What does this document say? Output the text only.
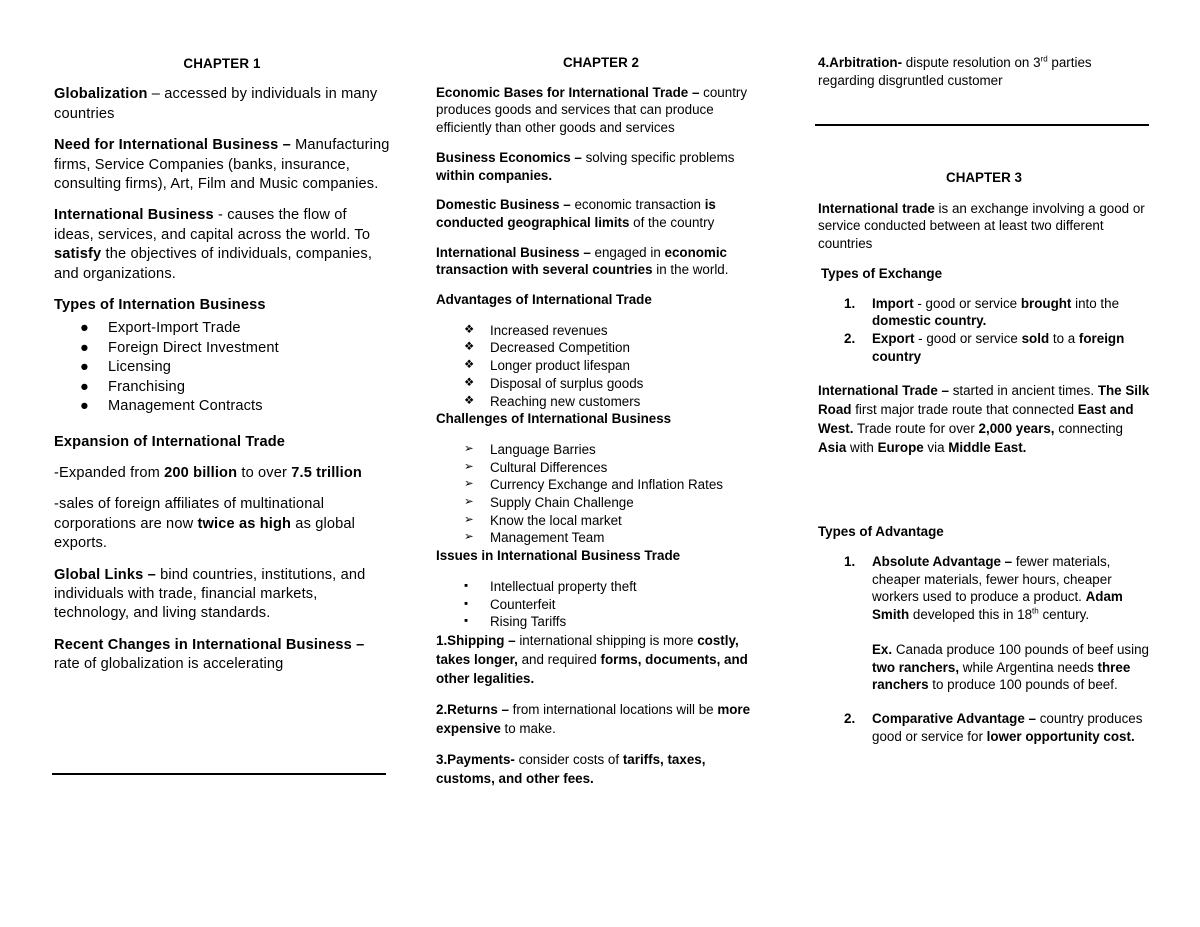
CHAPTER 1

Globalization – accessed by individuals in many countries

Need for International Business – Manufacturing firms, Service Companies (banks, insurance, consulting firms), Art, Film and Music companies.

International Business - causes the flow of ideas, services, and capital across the world. To satisfy the objectives of individuals, companies, and organizations.

Types of Internation Business

● Export-Import Trade
● Foreign Direct Investment
● Licensing
● Franchising
● Management Contracts

Expansion of International Trade

-Expanded from 200 billion to over 7.5 trillion

-sales of foreign affiliates of multinational corporations are now twice as high as global exports.

Global Links – bind countries, institutions, and individuals with trade, financial markets, technology, and living standards.

Recent Changes in International Business – rate of globalization is accelerating

CHAPTER 2

Economic Bases for International Trade – country produces goods and services that can produce efficiently than other goods and services

Business Economics – solving specific problems within companies.

Domestic Business – economic transaction is conducted geographical limits of the country

International Business – engaged in economic transaction with several countries in the world.

Advantages of International Trade

❖ Increased revenues
❖ Decreased Competition
❖ Longer product lifespan
❖ Disposal of surplus goods
❖ Reaching new customers

Challenges of International Business

➢ Language Barries
➢ Cultural Differences
➢ Currency Exchange and Inflation Rates
➢ Supply Chain Challenge
➢ Know the local market
➢ Management Team

Issues in International Business Trade

▪ Intellectual property theft
▪ Counterfeit
▪ Rising Tariffs

1.Shipping – international shipping is more costly, takes longer, and required forms, documents, and other legalities.

2.Returns – from international locations will be more expensive to make.

3.Payments- consider costs of tariffs, taxes, customs, and other fees.

4.Arbitration- dispute resolution on 3rd parties regarding disgruntled customer

CHAPTER 3

International trade is an exchange involving a good or service conducted between at least two different countries

Types of Exchange

1. Import - good or service brought into the domestic country.
2. Export - good or service sold to a foreign country

International Trade – started in ancient times. The Silk Road first major trade route that connected East and West. Trade route for over 2,000 years, connecting Asia with Europe via Middle East.

Types of Advantage

1. Absolute Advantage – fewer materials, cheaper materials, fewer hours, cheaper workers used to produce a product. Adam Smith developed this in 18th century.
Ex. Canada produce 100 pounds of beef using two ranchers, while Argentina needs three ranchers to produce 100 pounds of beef.
2. Comparative Advantage – country produces good or service for lower opportunity cost.
